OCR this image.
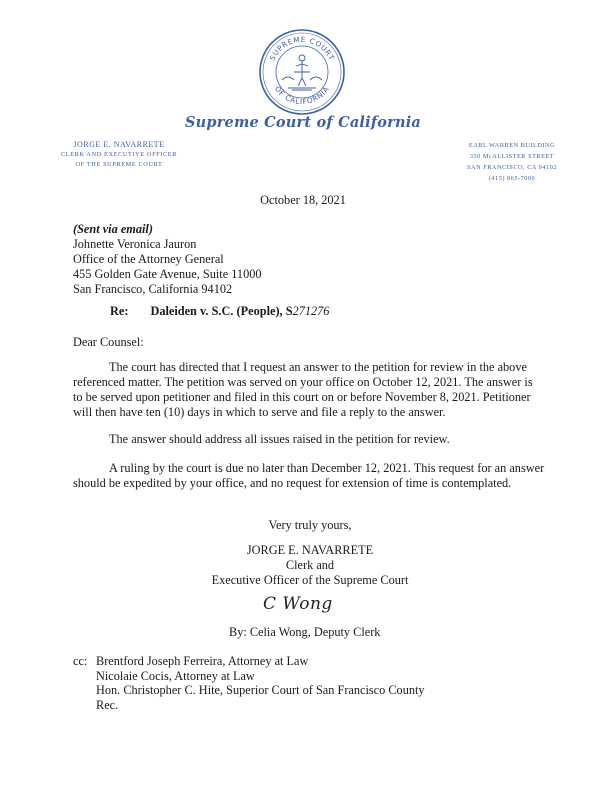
SUPREME COURT
OF CALIFORNIA
Supreme Court of California
JORGE E. NAVARRETE
CLERK AND EXECUTIVE OFFICER
OF THE SUPREME COURT
EARL WARREN BUILDING
350 McALLISTER STREET
SAN FRANCISCO, CA 94102
(415) 865-7000
October 18, 2021
(Sent via email)
Johnette Veronica Jauron
Office of the Attorney General
455 Golden Gate Avenue, Suite 11000
San Francisco, California 94102
Re: Daleiden v. S.C. (People), S271276
Dear Counsel:
The court has directed that I request an answer to the petition for review in the above referenced matter. The petition was served on your office on October 12, 2021. The answer is to be served upon petitioner and filed in this court on or before November 8, 2021. Petitioner will then have ten (10) days in which to serve and file a reply to the answer.
The answer should address all issues raised in the petition for review.
A ruling by the court is due no later than December 12, 2021. This request for an answer should be expedited by your office, and no request for extension of time is contemplated.
Very truly yours,
JORGE E. NAVARRETE
Clerk and
Executive Officer of the Supreme Court
C Wong
By: Celia Wong, Deputy Clerk
cc: Brentford Joseph Ferreira, Attorney at Law
Nicolaie Cocis, Attorney at Law
Hon. Christopher C. Hite, Superior Court of San Francisco County
Rec.
